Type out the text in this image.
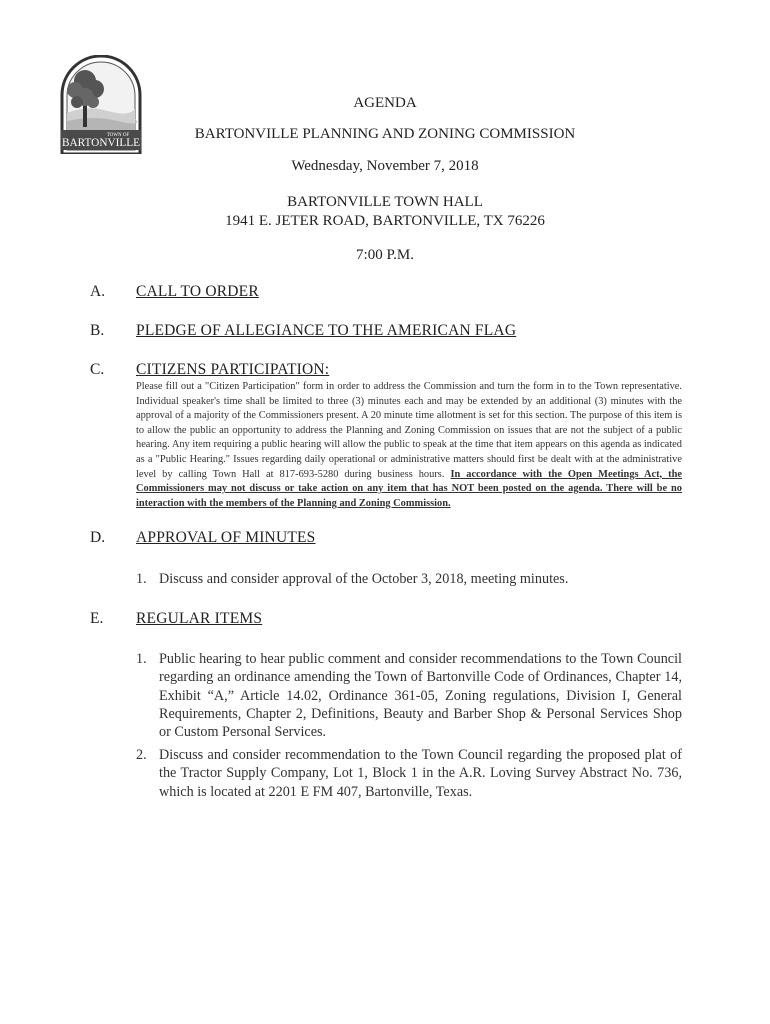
TOWN OF
BARTONVILLE
AGENDA
BARTONVILLE PLANNING AND ZONING COMMISSION
Wednesday, November 7, 2018
BARTONVILLE TOWN HALL
1941 E. JETER ROAD, BARTONVILLE, TX 76226
7:00 P.M.
A. CALL TO ORDER
B. PLEDGE OF ALLEGIANCE TO THE AMERICAN FLAG
C. CITIZENS PARTICIPATION:
Please fill out a "Citizen Participation" form in order to address the Commission and turn the form in to the Town representative. Individual speaker's time shall be limited to three (3) minutes each and may be extended by an additional (3) minutes with the approval of a majority of the Commissioners present. A 20 minute time allotment is set for this section. The purpose of this item is to allow the public an opportunity to address the Planning and Zoning Commission on issues that are not the subject of a public hearing. Any item requiring a public hearing will allow the public to speak at the time that item appears on this agenda as indicated as a "Public Hearing." Issues regarding daily operational or administrative matters should first be dealt with at the administrative level by calling Town Hall at 817-693-5280 during business hours. In accordance with the Open Meetings Act, the Commissioners may not discuss or take action on any item that has NOT been posted on the agenda. There will be no interaction with the members of the Planning and Zoning Commission.
D. APPROVAL OF MINUTES
1. Discuss and consider approval of the October 3, 2018, meeting minutes.
E. REGULAR ITEMS
1. Public hearing to hear public comment and consider recommendations to the Town Council regarding an ordinance amending the Town of Bartonville Code of Ordinances, Chapter 14, Exhibit “A,” Article 14.02, Ordinance 361-05, Zoning regulations, Division I, General Requirements, Chapter 2, Definitions, Beauty and Barber Shop & Personal Services Shop or Custom Personal Services.
2. Discuss and consider recommendation to the Town Council regarding the proposed plat of the Tractor Supply Company, Lot 1, Block 1 in the A.R. Loving Survey Abstract No. 736, which is located at 2201 E FM 407, Bartonville, Texas.
